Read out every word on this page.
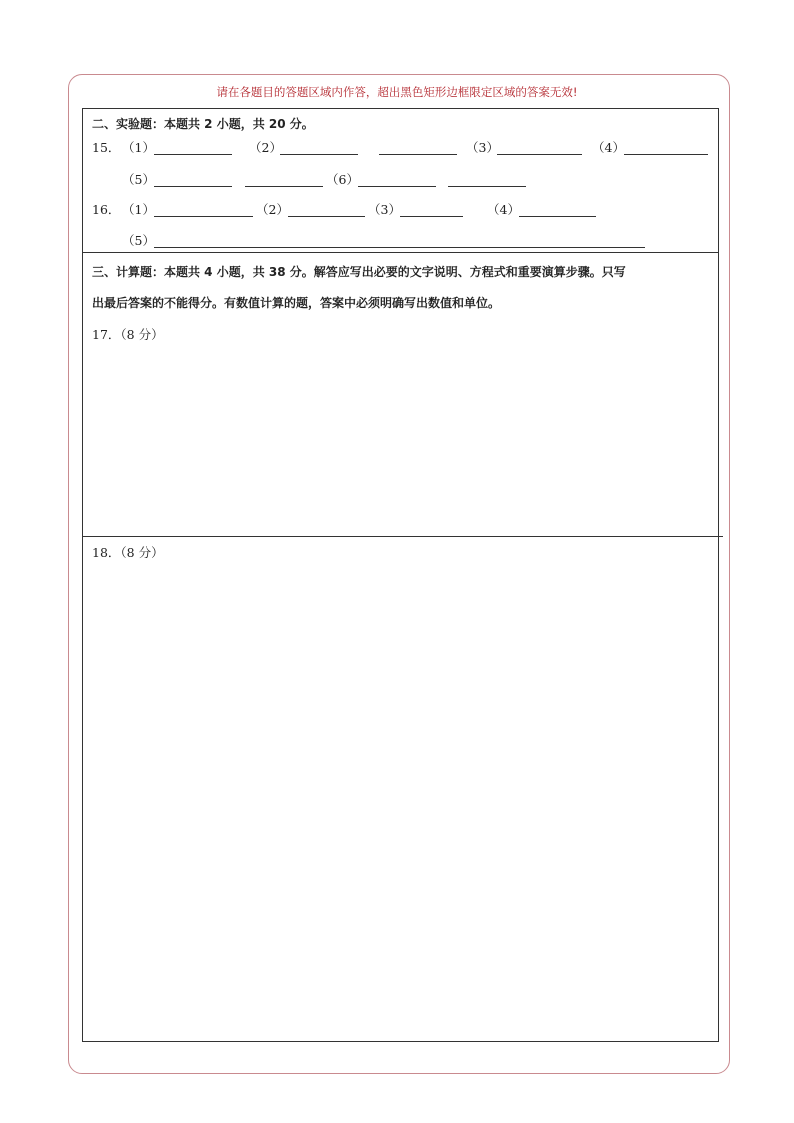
请在各题目的答题区域内作答，超出黑色矩形边框限定区域的答案无效!
二、实验题：本题共 2 小题，共 20 分。
15． （1）	（2）	（3）	（4）
（5）	（6）
16． （1）	（2）	（3）	（4）
（5）
三、计算题：本题共 4 小题，共 38 分。解答应写出必要的文字说明、方程式和重要演算步骤。只写
出最后答案的不能得分。有数值计算的题，答案中必须明确写出数值和单位。
17．（8 分）
18．（8 分）
